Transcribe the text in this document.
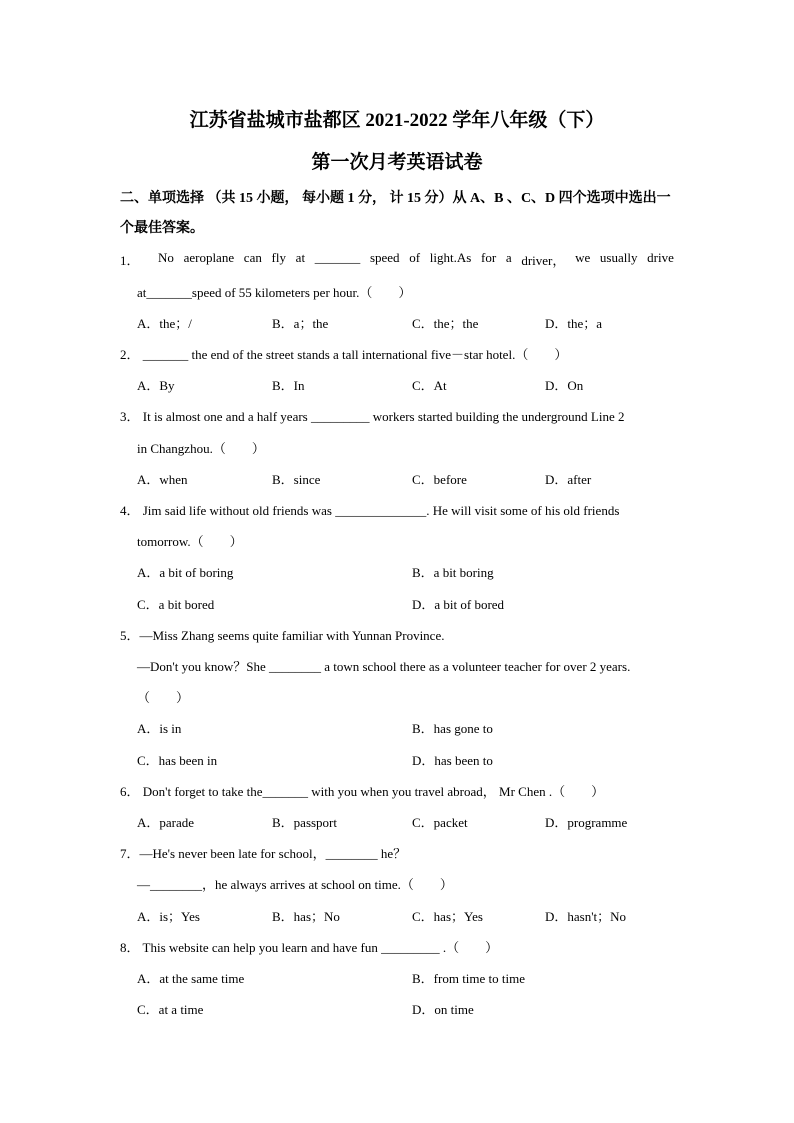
江苏省盐城市盐都区 2021-2022 学年八年级（下）
第一次月考英语试卷
二、单项选择 （共 15 小题， 每小题 1 分， 计 15 分）从 A、B 、C、D 四个选项中选出一
个最佳答案。
1． No aeroplane can fly at _______ speed of light.As for a driver， we usually drive
at_______speed of 55 kilometers per hour.（　　）
A．the；/	B．a；the	C．the；the	D．the；a
2． _______ the end of the street stands a tall international five－star hotel.（　　）
A．By	B．In	C．At	D．On
3． It is almost one and a half years _________ workers started building the underground Line 2
in Changzhou.（　　）
A．when	B．since	C．before	D．after
4． Jim said life without old friends was ______________. He will visit some of his old friends
tomorrow.（　　）
A．a bit of boring	B．a bit boring
C．a bit bored	D．a bit of bored
5．—Miss Zhang seems quite familiar with Yunnan Province.
—Don't you know？She ________ a town school there as a volunteer teacher for over 2 years.
（　　）
A．is in	B．has gone to
C．has been in	D．has been to
6． Don't forget to take the_______ with you when you travel abroad， Mr Chen .（　　）
A．parade	B．passport	C．packet	D．programme
7．—He's never been late for school，________ he？
—________，he always arrives at school on time.（　　）
A．is；Yes	B．has；No	C．has；Yes	D．hasn't；No
8． This website can help you learn and have fun _________ .（　　）
A．at the same time	B．from time to time
C．at a time	D．on time
